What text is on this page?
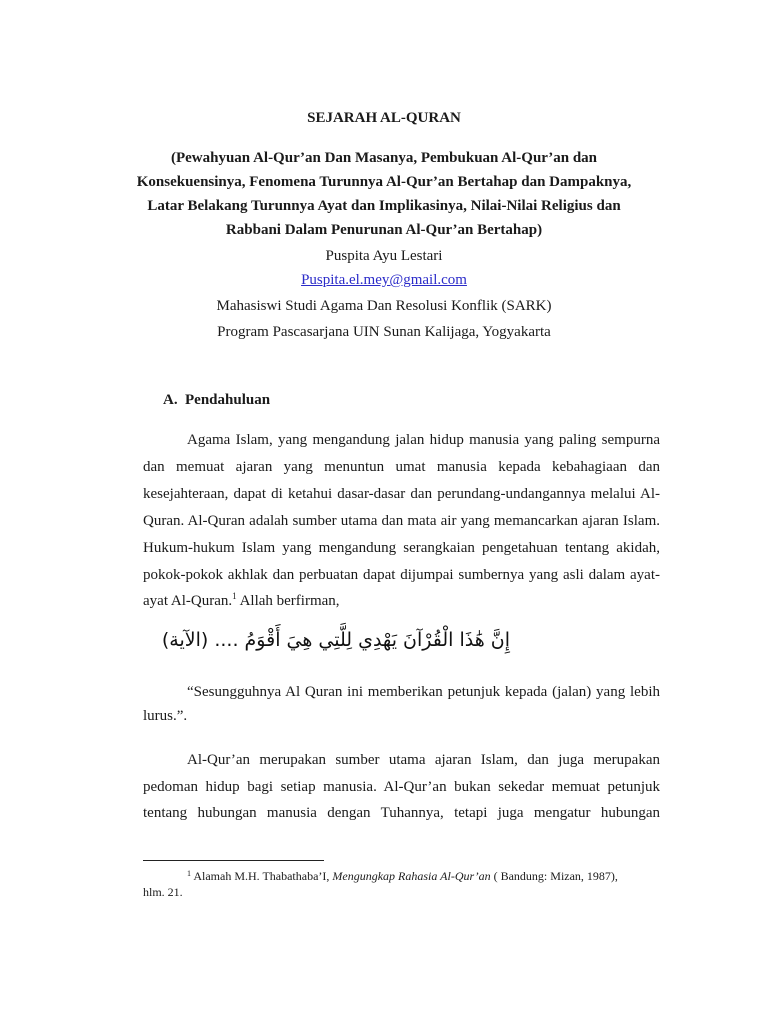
SEJARAH AL-QURAN
(Pewahyuan Al-Qur’an Dan Masanya, Pembukuan Al-Qur’an dan
Konsekuensinya, Fenomena Turunnya Al-Qur’an Bertahap dan Dampaknya,
Latar Belakang Turunnya Ayat dan Implikasinya, Nilai-Nilai Religius dan
Rabbani Dalam Penurunan Al-Qur’an Bertahap)
Puspita Ayu Lestari
Puspita.el.mey@gmail.com
Mahasiswi Studi Agama Dan Resolusi Konflik (SARK)
Program Pascasarjana UIN Sunan Kalijaga, Yogyakarta
A. Pendahuluan
Agama Islam, yang mengandung jalan hidup manusia yang paling sempurna
dan memuat ajaran yang menuntun umat manusia kepada kebahagiaan dan
kesejahteraan, dapat di ketahui dasar-dasar dan perundang-undangannya melalui Al-
Quran. Al-Quran adalah sumber utama dan mata air yang memancarkan ajaran Islam.
Hukum-hukum Islam yang mengandung serangkaian pengetahuan tentang akidah,
pokok-pokok akhlak dan perbuatan dapat dijumpai sumbernya yang asli dalam ayat-
ayat Al-Quran.$^1$ Allah berfirman,
إِنَّ هَٰذَا الْقُرْآنَ يَهْدِي لِلَّتِي هِيَ أَقْوَمُ .... (الآية)
“Sesungguhnya Al Quran ini memberikan petunjuk kepada (jalan) yang lebih
lurus.”.
Al-Qur’an merupakan sumber utama ajaran Islam, dan juga merupakan
pedoman hidup bagi setiap manusia. Al-Qur’an bukan sekedar memuat petunjuk
tentang hubungan manusia dengan Tuhannya, tetapi juga mengatur hubungan
$^1$ Alamah M.H. Thabathaba’I, Mengungkap Rahasia Al-Qur’an ( Bandung: Mizan, 1987),
hlm. 21.
